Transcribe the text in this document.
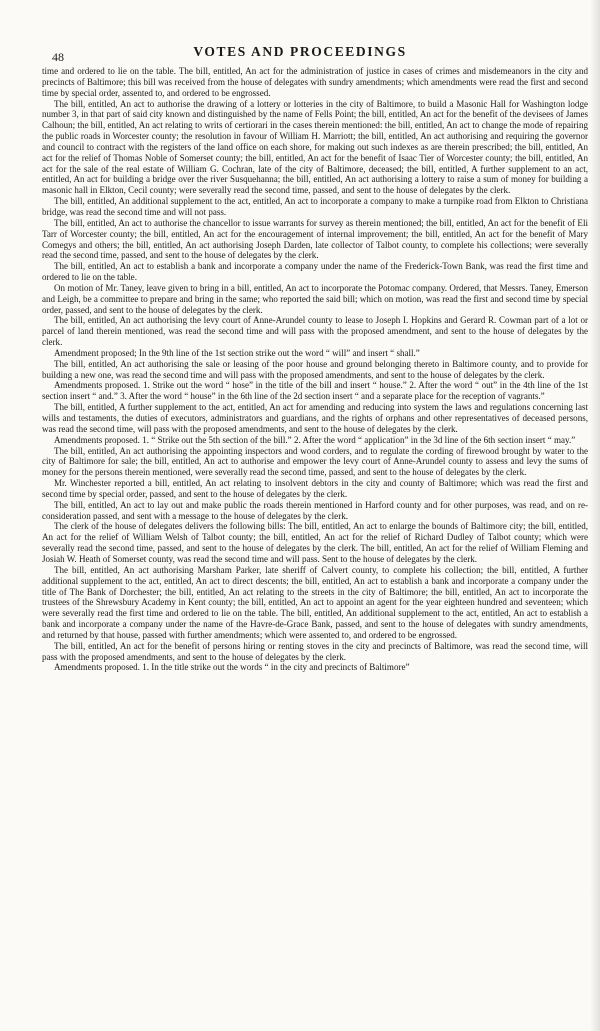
48	VOTES AND PROCEEDINGS

time and ordered to lie on the table. The bill, entitled, An act for the administration of justice in cases of crimes and misdemeanors in the city and precincts of Baltimore; this bill was received from the house of delegates with sundry amendments; which amendments were read the first and second time by special order, assented to, and ordered to be engrossed.

The bill, entitled, An act to authorise the drawing of a lottery or lotteries in the city of Baltimore, to build a Masonic Hall for Washington lodge number 3, in that part of said city known and distinguished by the name of Fells Point; the bill, entitled, An act for the benefit of the devisees of James Calhoun; the bill, entitled, An act relating to writs of certiorari in the cases therein mentioned: the bill, entitled, An act to change the mode of repairing the public roads in Worcester county; the resolution in favour of William H. Marriott; the bill, entitled, An act authorising and requiring the governor and council to contract with the registers of the land office on each shore, for making out such indexes as are therein prescribed; the bill, entitled, An act for the relief of Thomas Noble of Somerset county; the bill, entitled, An act for the benefit of Isaac Tier of Worcester county; the bill, entitled, An act for the sale of the real estate of William G. Cochran, late of the city of Baltimore, deceased; the bill, entitled, A further supplement to an act, entitled, An act for building a bridge over the river Susquehanna; the bill, entitled, An act authorising a lottery to raise a sum of money for building a masonic hall in Elkton, Cecil county; were severally read the second time, passed, and sent to the house of delegates by the clerk.

The bill, entitled, An additional supplement to the act, entitled, An act to incorporate a company to make a turnpike road from Elkton to Christiana bridge, was read the second time and will not pass.

The bill, entitled, An act to authorise the chancellor to issue warrants for survey as therein mentioned; the bill, entitled, An act for the benefit of Eli Tarr of Worcester county; the bill, entitled, An act for the encouragement of internal improvement; the bill, entitled, An act for the benefit of Mary Comegys and others; the bill, entitled, An act authorising Joseph Darden, late collector of Talbot county, to complete his collections; were severally read the second time, passed, and sent to the house of delegates by the clerk.

The bill, entitled, An act to establish a bank and incorporate a company under the name of the Frederick-Town Bank, was read the first time and ordered to lie on the table.

On motion of Mr. Taney, leave given to bring in a bill, entitled, An act to incorporate the Potomac company. Ordered, that Messrs. Taney, Emerson and Leigh, be a committee to prepare and bring in the same; who reported the said bill; which on motion, was read the first and second time by special order, passed, and sent to the house of delegates by the clerk.

The bill, entitled, An act authorising the levy court of Anne-Arundel county to lease to Joseph I. Hopkins and Gerard R. Cowman part of a lot or parcel of land therein mentioned, was read the second time and will pass with the proposed amendment, and sent to the house of delegates by the clerk.

Amendment proposed; In the 9th line of the 1st section strike out the word “ will” and insert “ shall.”

The bill, entitled, An act authorising the sale or leasing of the poor house and ground belonging thereto in Baltimore county, and to provide for building a new one, was read the second time and will pass with the proposed amendments, and sent to the house of delegates by the clerk.

Amendments proposed. 1. Strike out the word “ hose” in the title of the bill and insert “ house.” 2. After the word “ out” in the 4th line of the 1st section insert “ and.” 3. After the word “ house” in the 6th line of the 2d section insert “ and a separate place for the reception of vagrants.”

The bill, entitled, A further supplement to the act, entitled, An act for amending and reducing into system the laws and regulations concerning last wills and testaments, the duties of executors, administrators and guardians, and the rights of orphans and other representatives of deceased persons, was read the second time, will pass with the proposed amendments, and sent to the house of delegates by the clerk.

Amendments proposed. 1. “ Strike out the 5th section of the bill.” 2. After the word “ application” in the 3d line of the 6th section insert “ may.”

The bill, entitled, An act authorising the appointing inspectors and wood corders, and to regulate the cording of firewood brought by water to the city of Baltimore for sale; the bill, entitled, An act to authorise and empower the levy court of Anne-Arundel county to assess and levy the sums of money for the persons therein mentioned, were severally read the second time, passed, and sent to the house of delegates by the clerk.

Mr. Winchester reported a bill, entitled, An act relating to insolvent debtors in the city and county of Baltimore; which was read the first and second time by special order, passed, and sent to the house of delegates by the clerk.

The bill, entitled, An act to lay out and make public the roads therein mentioned in Harford county and for other purposes, was read, and on re-consideration passed, and sent with a message to the house of delegates by the clerk.

The clerk of the house of delegates delivers the following bills: The bill, entitled, An act to enlarge the bounds of Baltimore city; the bill, entitled, An act for the relief of William Welsh of Talbot county; the bill, entitled, An act for the relief of Richard Dudley of Talbot county; which were severally read the second time, passed, and sent to the house of delegates by the clerk. The bill, entitled, An act for the relief of William Fleming and Josiah W. Heath of Somerset county, was read the second time and will pass. Sent to the house of delegates by the clerk.

The bill, entitled, An act authorising Marsham Parker, late sheriff of Calvert county, to complete his collection; the bill, entitled, A further additional supplement to the act, entitled, An act to direct descents; the bill, entitled, An act to establish a bank and incorporate a company under the title of The Bank of Dorchester; the bill, entitled, An act relating to the streets in the city of Baltimore; the bill, entitled, An act to incorporate the trustees of the Shrewsbury Academy in Kent county; the bill, entitled, An act to appoint an agent for the year eighteen hundred and seventeen; which were severally read the first time and ordered to lie on the table. The bill, entitled, An additional supplement to the act, entitled, An act to establish a bank and incorporate a company under the name of the Havre-de-Grace Bank, passed, and sent to the house of delegates with sundry amendments, and returned by that house, passed with further amendments; which were assented to, and ordered to be engrossed.

The bill, entitled, An act for the benefit of persons hiring or renting stoves in the city and precincts of Baltimore, was read the second time, will pass with the proposed amendments, and sent to the house of delegates by the clerk.

Amendments proposed. 1. In the title strike out the words “ in the city and precincts of Baltimore”
